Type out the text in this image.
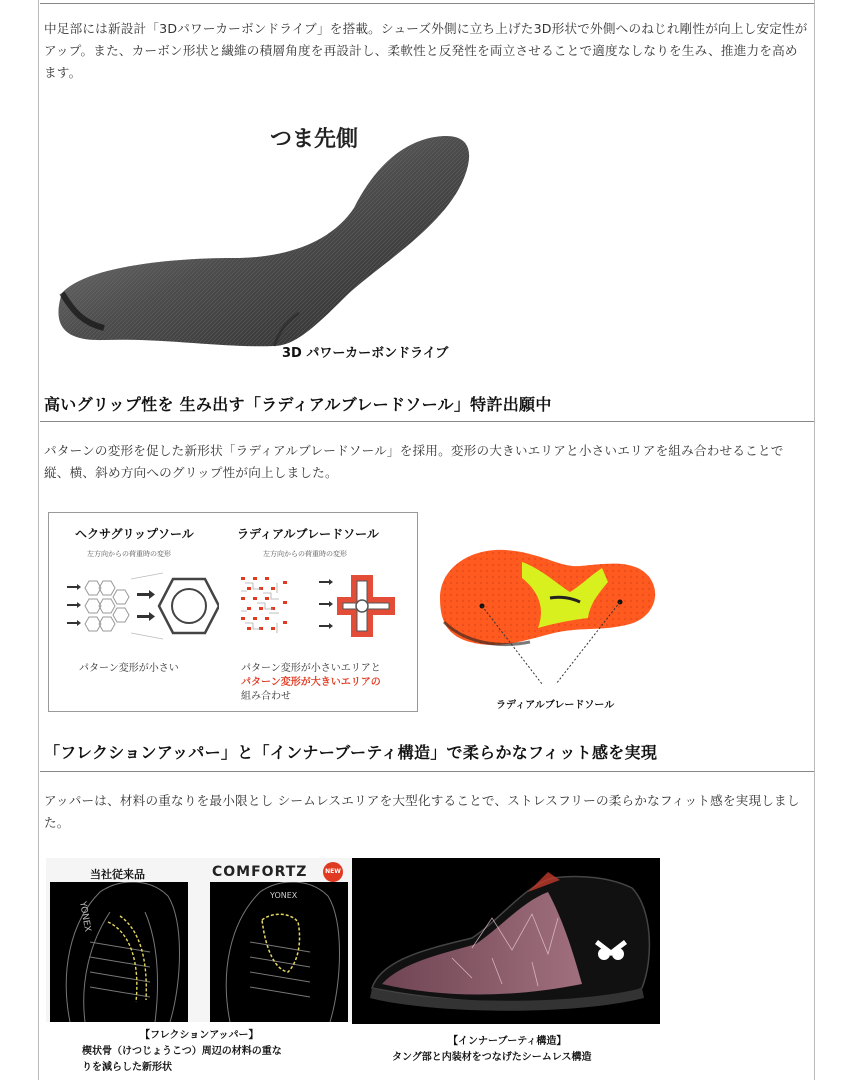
中足部には新設計「3Dパワーカーボンドライブ」を搭載。シューズ外側に立ち上げた3D形状で外側へのねじれ剛性が向上し安定性がアップ。また、カーボン形状と繊維の積層角度を再設計し、柔軟性と反発性を両立させることで適度なしなりを生み、推進力を高めます。

つま先側
3D パワーカーボンドライブ
高いグリップ性を 生み出す「ラディアルブレードソール」特許出願中

パターンの変形を促した新形状「ラディアルブレードソール」を採用。変形の大きいエリアと小さいエリアを組み合わせることで縦、横、斜め方向へのグリップ性が向上しました。

ヘクサグリップソール
左方向からの荷重時の変形
ラディアルブレードソール
左方向からの荷重時の変形
パターン変形が小さい	パターン変形が小さいエリアと
パターン変形が大きいエリアの
組み合わせ
ラディアルブレードソール
「フレクションアッパー」と「インナーブーティ構造」で柔らかなフィット感を実現

アッパーは、材料の重なりを最小限とし シームレスエリアを大型化することで、ストレスフリーの柔らかなフィット感を実現しました。

当社従来品	COMFORTZ	NEW
YONEX
YONEX
【フレクションアッパー】
楔状骨（けつじょうこつ）周辺の材料の重な
りを減らした新形状
【インナーブーティ構造】
タング部と内装材をつなげたシームレス構造
